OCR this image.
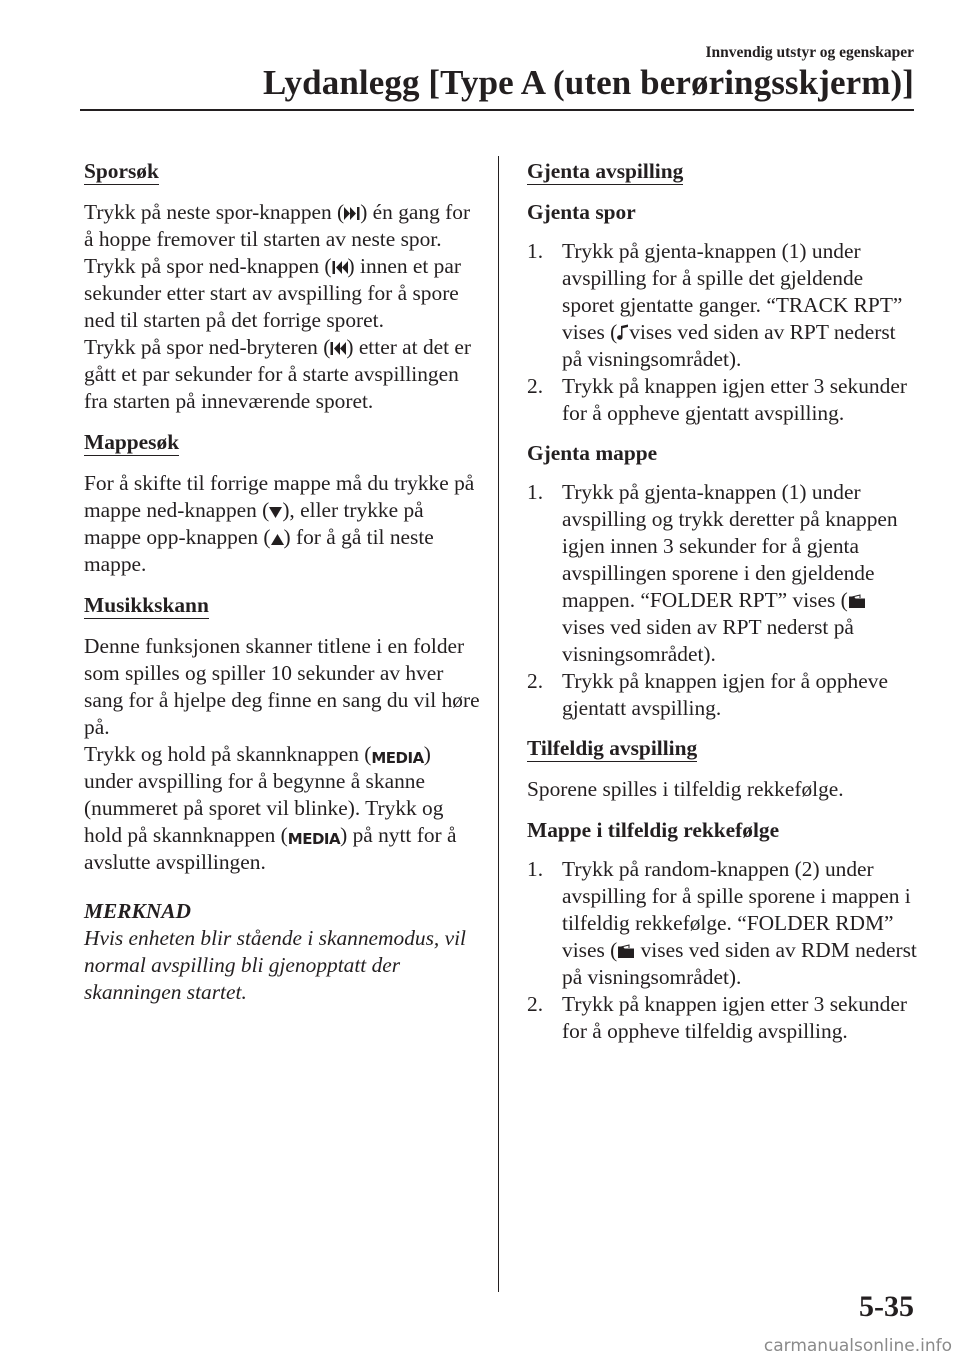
Innvendig utstyr og egenskaper
Lydanlegg [Type A (uten berøringsskjerm)]
Sporsøk
Trykk på neste spor-knappen ( ) én gang for å hoppe fremover til starten av neste spor.
Trykk på spor ned-knappen ( ) innen et par sekunder etter start av avspilling for å spore ned til starten på det forrige sporet.
Trykk på spor ned-bryteren ( ) etter at det er gått et par sekunder for å starte avspillingen fra starten på inneværende sporet.
Mappesøk
For å skifte til forrige mappe må du trykke på mappe ned-knappen ( ), eller trykke på mappe opp-knappen ( ) for å gå til neste mappe.
Musikkskann
Denne funksjonen skanner titlene i en folder som spilles og spiller 10 sekunder av hver sang for å hjelpe deg finne en sang du vil høre på.
Trykk og hold på skannknappen (MEDIA) under avspilling for å begynne å skanne (nummeret på sporet vil blinke). Trykk og hold på skannknappen (MEDIA) på nytt for å avslutte avspillingen.
MERKNAD
Hvis enheten blir stående i skannemodus, vil normal avspilling bli gjenopptatt der skanningen startet.
Gjenta avspilling
Gjenta spor
1. Trykk på gjenta-knappen (1) under avspilling for å spille det gjeldende sporet gjentatte ganger. “TRACK RPT” vises ( vises ved siden av RPT nederst på visningsområdet).
2. Trykk på knappen igjen etter 3 sekunder for å oppheve gjentatt avspilling.
Gjenta mappe
1. Trykk på gjenta-knappen (1) under avspilling og trykk deretter på knappen igjen innen 3 sekunder for å gjenta avspillingen sporene i den gjeldende mappen. “FOLDER RPT” vises (

vises ved siden av RPT nederst på visningsområdet).
2. Trykk på knappen igjen for å oppheve gjentatt avspilling.
Tilfeldig avspilling
Sporene spilles i tilfeldig rekkefølge.
Mappe i tilfeldig rekkefølge
1. Trykk på random-knappen (2) under avspilling for å spille sporene i mappen i tilfeldig rekkefølge. “FOLDER RDM” vises (
vises ved siden av RDM nederst på visningsområdet).
2. Trykk på knappen igjen etter 3 sekunder for å oppheve tilfeldig avspilling.
5-35
carmanualsonline.info
